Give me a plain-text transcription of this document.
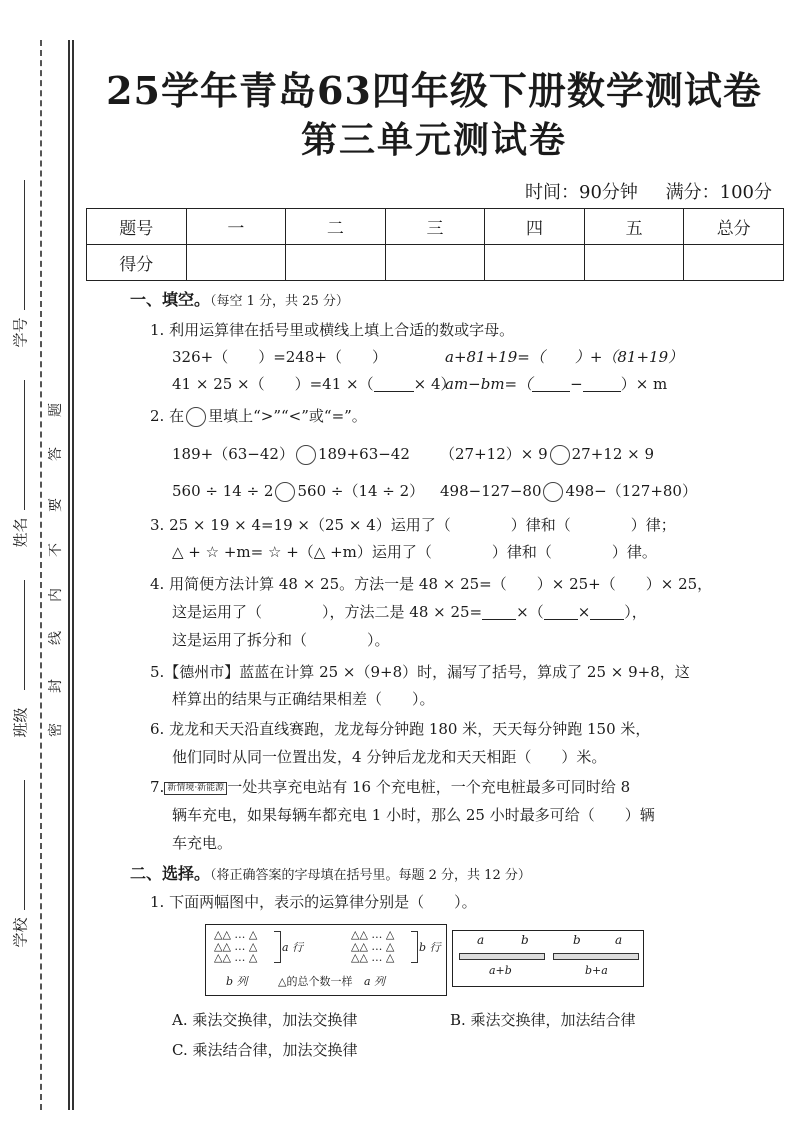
学号
姓名
班级
学校
题
答
要
不
内
线
封
密
25学年青岛63四年级下册数学测试卷
第三单元测试卷
时间：90分钟 满分：100分
题号	一	二	三	四	五	总分
得分						
一、填空。（每空 1 分，共 25 分）
1. 利用运算律在括号里或横线上填上合适的数或字母。
326+（　　）=248+（　　）	a+81+19=（　　）+（81+19）
41 × 25 ×（　　）=41 ×（	× 4）
am−bm=（	−	）× m
2. 在 里填上“>”“<”或“=”。
189+（63−42） 189+63−42 （27+12）× 9 27+12 × 9
560 ÷ 14 ÷ 2 560 ÷（14 ÷ 2） 498−127−80 498−（127+80）
3. 25 × 19 × 4=19 ×（25 × 4）运用了（　　　　）律和（　　　　）律；
△ + ☆ +m= ☆ +（△ +m）运用了（　　　　）律和（　　　　）律。
4. 用简便方法计算 48 × 25。方法一是 48 × 25=（　　）× 25+（　　）× 25，
这是运用了（　　　　），方法二是 48 × 25= ×（ × ），
这是运用了拆分和（　　　　）。
5.【德州市】蓝蓝在计算 25 ×（9+8）时，漏写了括号，算成了 25 × 9+8，这
样算出的结果与正确结果相差（　　）。
6. 龙龙和天天沿直线赛跑，龙龙每分钟跑 180 米，天天每分钟跑 150 米，
他们同时从同一位置出发，4 分钟后龙龙和天天相距（　　）米。
7. 新情境·新能源 一处共享充电站有 16 个充电桩，一个充电桩最多可同时给 8
辆车充电，如果每辆车都充电 1 小时，那么 25 小时最多可给（　　）辆
车充电。
二、选择。（将正确答案的字母填在括号里。每题 2 分，共 12 分）
1. 下面两幅图中，表示的运算律分别是（　　）。
△△ … △
△△ … △
△△ … △
a 行
b 列
△△ … △
△△ … △
△△ … △
b 行
△的总个数一样 a 列
a	b
a+b
b	a
b+a
A. 乘法交换律，加法交换律	B. 乘法交换律，加法结合律
C. 乘法结合律，加法交换律
